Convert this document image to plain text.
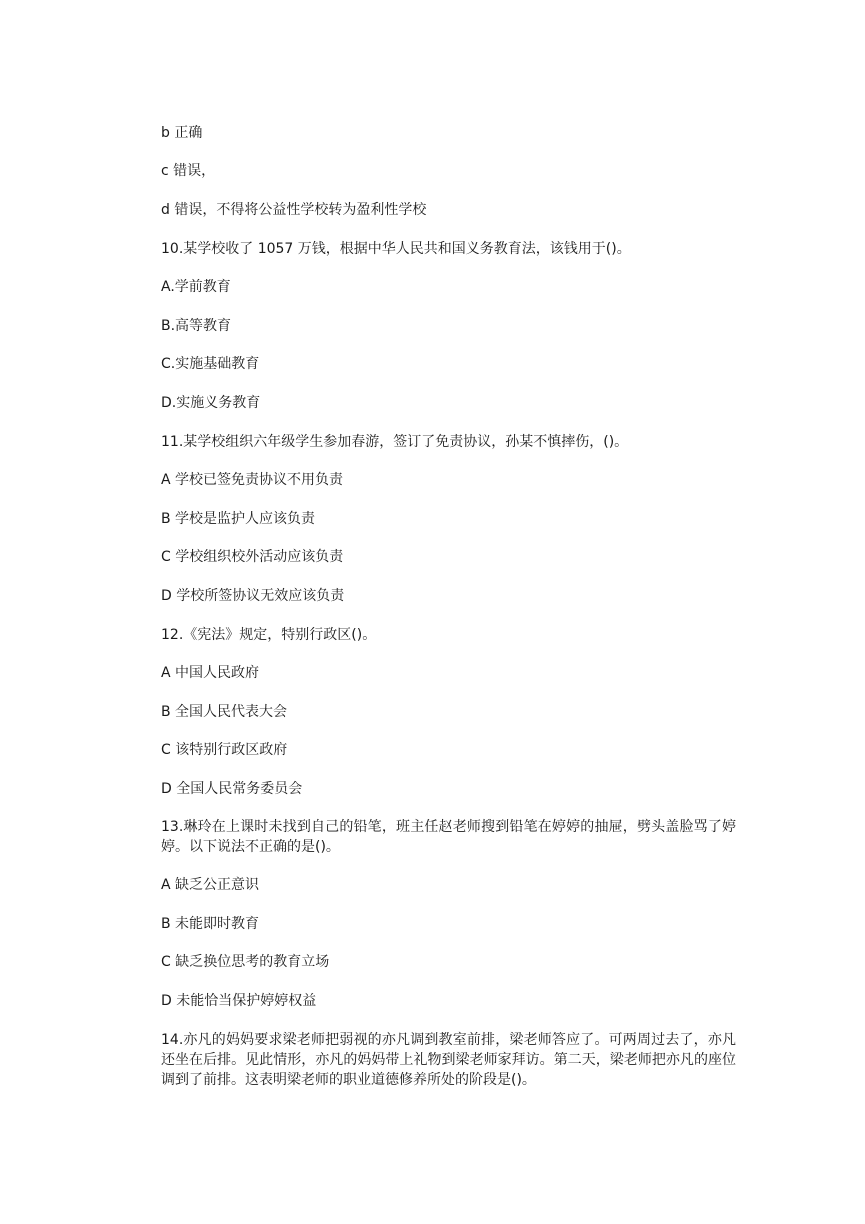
b 正确
c 错误，
d 错误，不得将公益性学校转为盈利性学校
10.某学校收了 1057 万钱，根据中华人民共和国义务教育法，该钱用于()。
A.学前教育
B.高等教育
C.实施基础教育
D.实施义务教育
11.某学校组织六年级学生参加春游，签订了免责协议，孙某不慎摔伤，()。
A 学校已签免责协议不用负责
B 学校是监护人应该负责
C 学校组织校外活动应该负责
D 学校所签协议无效应该负责
12.《宪法》规定，特别行政区()。
A 中国人民政府
B 全国人民代表大会
C 该特别行政区政府
D 全国人民常务委员会
13.琳玲在上课时未找到自己的铅笔，班主任赵老师搜到铅笔在婷婷的抽屉，劈头盖脸骂了婷婷。以下说法不正确的是()。
A 缺乏公正意识
B 未能即时教育
C 缺乏换位思考的教育立场
D 未能恰当保护婷婷权益
14.亦凡的妈妈要求梁老师把弱视的亦凡调到教室前排，梁老师答应了。可两周过去了，亦凡还坐在后排。见此情形，亦凡的妈妈带上礼物到梁老师家拜访。第二天，梁老师把亦凡的座位调到了前排。这表明梁老师的职业道德修养所处的阶段是()。
